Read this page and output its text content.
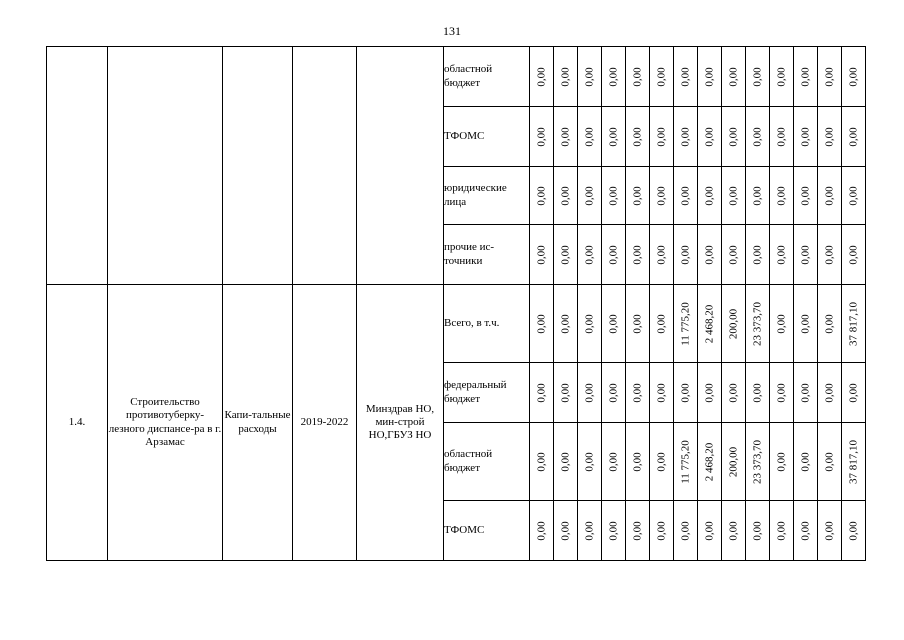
131
					областной бюджет	0,00	0,00	0,00	0,00	0,00	0,00	0,00	0,00	0,00	0,00	0,00	0,00	0,00	0,00

					ТФОМС	0,00	0,00	0,00	0,00	0,00	0,00	0,00	0,00	0,00	0,00	0,00	0,00	0,00	0,00

					юридические лица	0,00	0,00	0,00	0,00	0,00	0,00	0,00	0,00	0,00	0,00	0,00	0,00	0,00	0,00

					прочие ис-точники	0,00	0,00	0,00	0,00	0,00	0,00	0,00	0,00	0,00	0,00	0,00	0,00	0,00	0,00

1.4.	Строительство противотуберку-лезного диспансе-ра в г. Арзамас	Капи-тальные расходы	2019-2022	Минздрав НО, мин-строй НО,ГБУЗ НО	Всего, в т.ч.	0,00	0,00	0,00	0,00	0,00	0,00	11 775,20	2 468,20	200,00	23 373,70	0,00	0,00	0,00	37 817,10

					федеральный бюджет	0,00	0,00	0,00	0,00	0,00	0,00	0,00	0,00	0,00	0,00	0,00	0,00	0,00	0,00

					областной бюджет	0,00	0,00	0,00	0,00	0,00	0,00	11 775,20	2 468,20	200,00	23 373,70	0,00	0,00	0,00	37 817,10

					ТФОМС	0,00	0,00	0,00	0,00	0,00	0,00	0,00	0,00	0,00	0,00	0,00	0,00	0,00	0,00
